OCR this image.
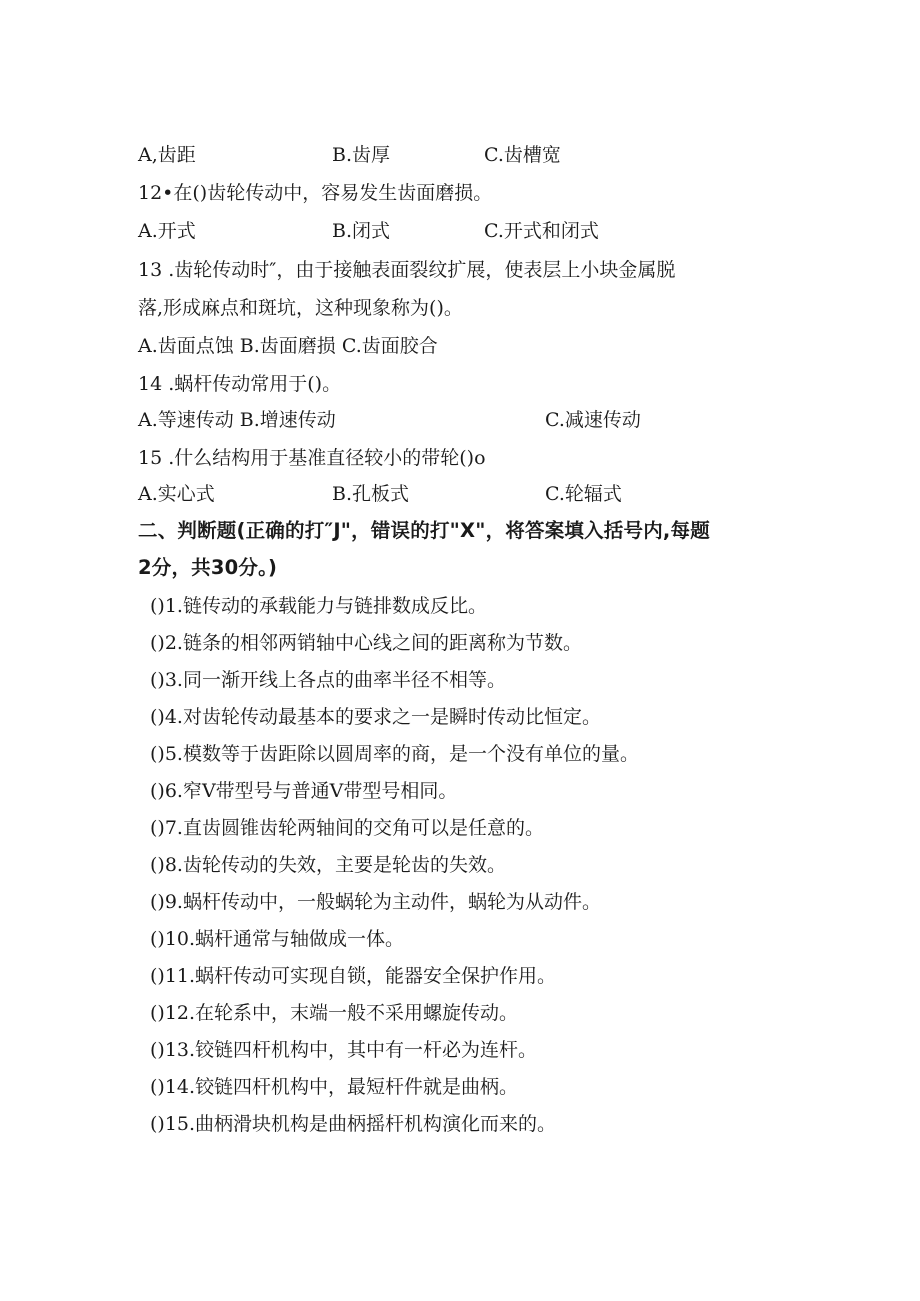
A,齿距	B.齿厚	C.齿槽宽
12•在()齿轮传动中，容易发生齿面磨损。
A.开式	B.闭式	C.开式和闭式
13 .齿轮传动时″，由于接触表面裂纹扩展，使表层上小块金属脱
落,形成麻点和斑坑，这种现象称为()。
A.齿面点蚀 B.齿面磨损 C.齿面胶合
14 .蜗杆传动常用于()。
A.等速传动 B.增速传动	C.减速传动
15 .什么结构用于基准直径较小的带轮()o
A.实心式	B.孔板式	C.轮辐式
二、判断题(正确的打″J"，错误的打"X"，将答案填入括号内,每题
2分，共30分。)
()1.链传动的承载能力与链排数成反比。
()2.链条的相邻两销轴中心线之间的距离称为节数。
()3.同一渐开线上各点的曲率半径不相等。
()4.对齿轮传动最基本的要求之一是瞬时传动比恒定。
()5.模数等于齿距除以圆周率的商，是一个没有单位的量。
()6.窄V带型号与普通V带型号相同。
()7.直齿圆锥齿轮两轴间的交角可以是任意的。
()8.齿轮传动的失效，主要是轮齿的失效。
()9.蜗杆传动中，一般蜗轮为主动件，蜗轮为从动件。
()10.蜗杆通常与轴做成一体。
()11.蜗杆传动可实现自锁，能器安全保护作用。
()12.在轮系中，末端一般不采用螺旋传动。
()13.铰链四杆机构中，其中有一杆必为连杆。
()14.铰链四杆机构中，最短杆件就是曲柄。
()15.曲柄滑块机构是曲柄摇杆机构演化而来的。
